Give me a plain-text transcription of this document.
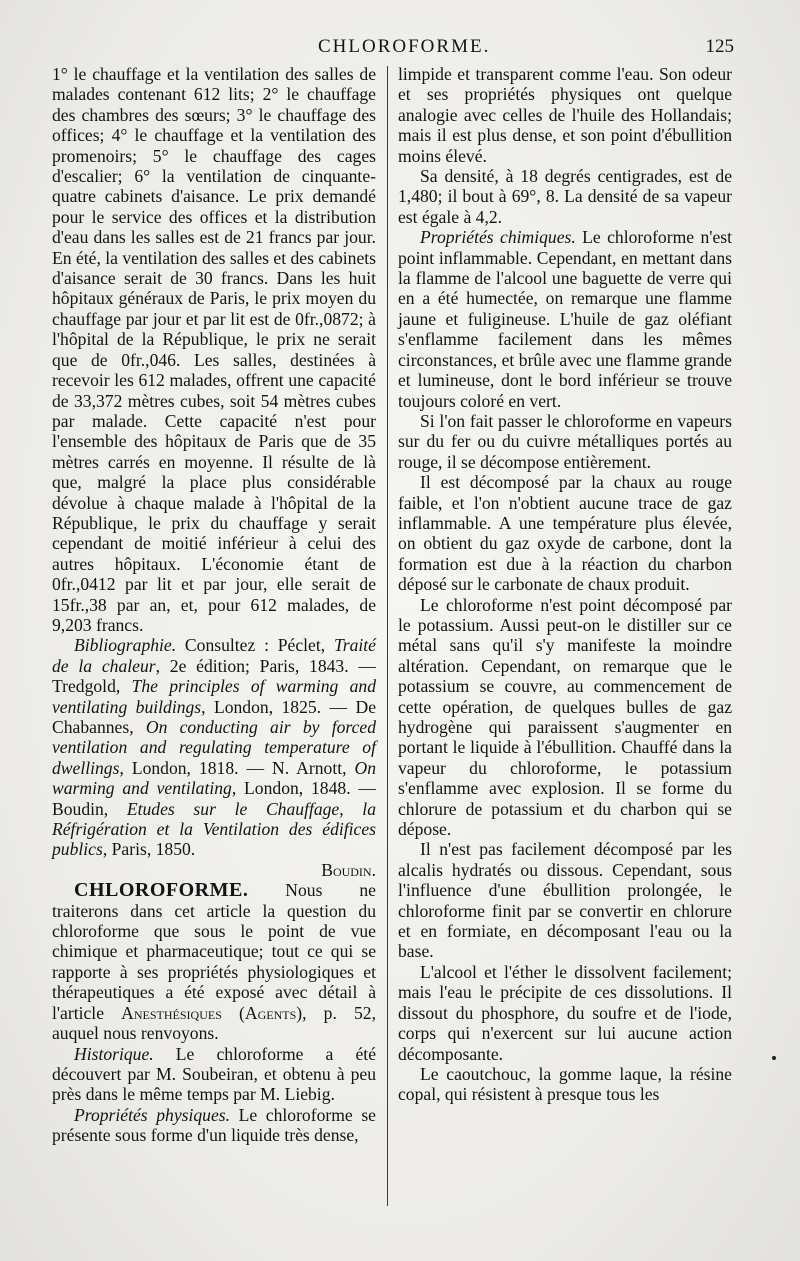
CHLOROFORME.	125

1° le chauffage et la ventilation des salles de malades contenant 612 lits; 2° le chauffage des chambres des sœurs; 3° le chauffage des offices; 4° le chauffage et la ventilation des promenoirs; 5° le chauffage des cages d'escalier; 6° la ventilation de cinquante-quatre cabinets d'aisance. Le prix demandé pour le service des offices et la distribution d'eau dans les salles est de 21 francs par jour. En été, la ventilation des salles et des cabinets d'aisance serait de 30 francs. Dans les huit hôpitaux généraux de Paris, le prix moyen du chauffage par jour et par lit est de 0fr.,0872; à l'hôpital de la République, le prix ne serait que de 0fr.,046. Les salles, destinées à recevoir les 612 malades, offrent une capacité de 33,372 mètres cubes, soit 54 mètres cubes par malade. Cette capacité n'est pour l'ensemble des hôpitaux de Paris que de 35 mètres carrés en moyenne. Il résulte de là que, malgré la place plus considérable dévolue à chaque malade à l'hôpital de la République, le prix du chauffage y serait cependant de moitié inférieur à celui des autres hôpitaux. L'économie étant de 0fr.,0412 par lit et par jour, elle serait de 15fr.,38 par an, et, pour 612 malades, de 9,203 francs.

Bibliographie. Consultez : Péclet, Traité de la chaleur, 2e édition; Paris, 1843. — Tredgold, The principles of warming and ventilating buildings, London, 1825. — De Chabannes, On conducting air by forced ventilation and regulating temperature of dwellings, London, 1818. — N. Arnott, On warming and ventilating, London, 1848. — Boudin, Etudes sur le Chauffage, la Réfrigération et la Ventilation des édifices publics, Paris, 1850.

Boudin.

CHLOROFORME. Nous ne traiterons dans cet article la question du chloroforme que sous le point de vue chimique et pharmaceutique; tout ce qui se rapporte à ses propriétés physiologiques et thérapeutiques a été exposé avec détail à l'article Anesthésiques (Agents), p. 52, auquel nous renvoyons.

Historique. Le chloroforme a été découvert par M. Soubeiran, et obtenu à peu près dans le même temps par M. Liebig.

Propriétés physiques. Le chloroforme se présente sous forme d'un liquide très dense,

limpide et transparent comme l'eau. Son odeur et ses propriétés physiques ont quelque analogie avec celles de l'huile des Hollandais; mais il est plus dense, et son point d'ébullition moins élevé.

Sa densité, à 18 degrés centigrades, est de 1,480; il bout à 69°, 8. La densité de sa vapeur est égale à 4,2.

Propriétés chimiques. Le chloroforme n'est point inflammable. Cependant, en mettant dans la flamme de l'alcool une baguette de verre qui en a été humectée, on remarque une flamme jaune et fuligineuse. L'huile de gaz oléfiant s'enflamme facilement dans les mêmes circonstances, et brûle avec une flamme grande et lumineuse, dont le bord inférieur se trouve toujours coloré en vert.

Si l'on fait passer le chloroforme en vapeurs sur du fer ou du cuivre métalliques portés au rouge, il se décompose entièrement.

Il est décomposé par la chaux au rouge faible, et l'on n'obtient aucune trace de gaz inflammable. A une température plus élevée, on obtient du gaz oxyde de carbone, dont la formation est due à la réaction du charbon déposé sur le carbonate de chaux produit.

Le chloroforme n'est point décomposé par le potassium. Aussi peut-on le distiller sur ce métal sans qu'il s'y manifeste la moindre altération. Cependant, on remarque que le potassium se couvre, au commencement de cette opération, de quelques bulles de gaz hydrogène qui paraissent s'augmenter en portant le liquide à l'ébullition. Chauffé dans la vapeur du chloroforme, le potassium s'enflamme avec explosion. Il se forme du chlorure de potassium et du charbon qui se dépose.

Il n'est pas facilement décomposé par les alcalis hydratés ou dissous. Cependant, sous l'influence d'une ébullition prolongée, le chloroforme finit par se convertir en chlorure et en formiate, en décomposant l'eau ou la base.

L'alcool et l'éther le dissolvent facilement; mais l'eau le précipite de ces dissolutions. Il dissout du phosphore, du soufre et de l'iode, corps qui n'exercent sur lui aucune action décomposante.

Le caoutchouc, la gomme laque, la résine copal, qui résistent à presque tous les
